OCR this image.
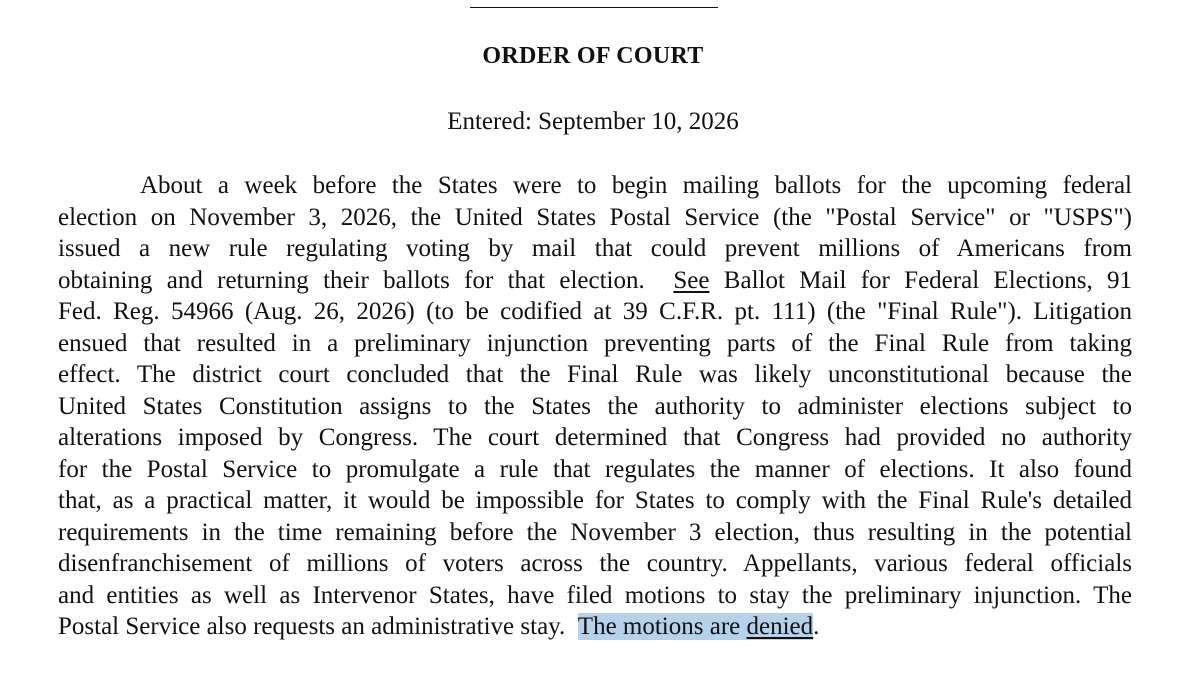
ORDER OF COURT
Entered: September 10, 2026
About a week before the States were to begin mailing ballots for the upcoming federal
election on November 3, 2026, the United States Postal Service (the "Postal Service" or "USPS")
issued a new rule regulating voting by mail that could prevent millions of Americans from
obtaining and returning their ballots for that election. See Ballot Mail for Federal Elections, 91
Fed. Reg. 54966 (Aug. 26, 2026) (to be codified at 39 C.F.R. pt. 111) (the "Final Rule"). Litigation
ensued that resulted in a preliminary injunction preventing parts of the Final Rule from taking
effect. The district court concluded that the Final Rule was likely unconstitutional because the
United States Constitution assigns to the States the authority to administer elections subject to
alterations imposed by Congress. The court determined that Congress had provided no authority
for the Postal Service to promulgate a rule that regulates the manner of elections. It also found
that, as a practical matter, it would be impossible for States to comply with the Final Rule's detailed
requirements in the time remaining before the November 3 election, thus resulting in the potential
disenfranchisement of millions of voters across the country. Appellants, various federal officials
and entities as well as Intervenor States, have filed motions to stay the preliminary injunction. The
Postal Service also requests an administrative stay. The motions are denied.
